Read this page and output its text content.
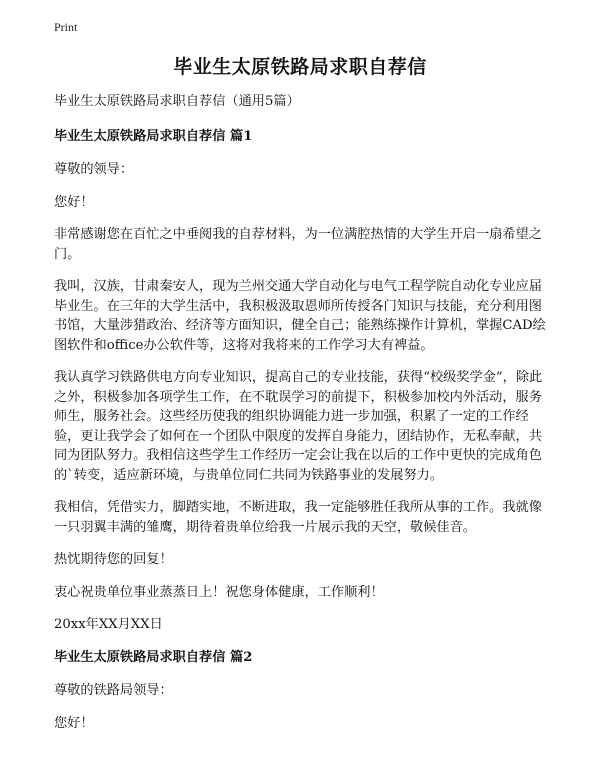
Print
毕业生太原铁路局求职自荐信

毕业生太原铁路局求职自荐信（通用5篇）

毕业生太原铁路局求职自荐信 篇1

尊敬的领导：

您好！

非常感谢您在百忙之中垂阅我的自荐材料，为一位满腔热情的大学生开启一扇希望之门。

我叫，汉族，甘肃秦安人，现为兰州交通大学自动化与电气工程学院自动化专业应届毕业生。在三年的大学生活中，我积极汲取恩师所传授各门知识与技能，充分利用图书馆，大量涉猎政治、经济等方面知识，健全自己；能熟练操作计算机，掌握CAD绘图软件和office办公软件等，这将对我将来的工作学习大有裨益。

我认真学习铁路供电方向专业知识，提高自己的专业技能，获得“校级奖学金”，除此之外，积极参加各项学生工作，在不耽误学习的前提下，积极参加校内外活动，服务师生，服务社会。这些经历使我的组织协调能力进一步加强，积累了一定的工作经验，更让我学会了如何在一个团队中限度的发挥自身能力，团结协作，无私奉献，共同为团队努力。我相信这些学生工作经历一定会让我在以后的工作中更快的完成角色的`转变，适应新环境，与贵单位同仁共同为铁路事业的发展努力。

我相信，凭借实力，脚踏实地，不断进取，我一定能够胜任我所从事的工作。我就像一只羽翼丰满的雏鹰，期待着贵单位给我一片展示我的天空，敬候佳音。

热忱期待您的回复！

衷心祝贵单位事业蒸蒸日上！祝您身体健康，工作顺利！

20xx年XX月XX日

毕业生太原铁路局求职自荐信 篇2

尊敬的铁路局领导：

您好！
